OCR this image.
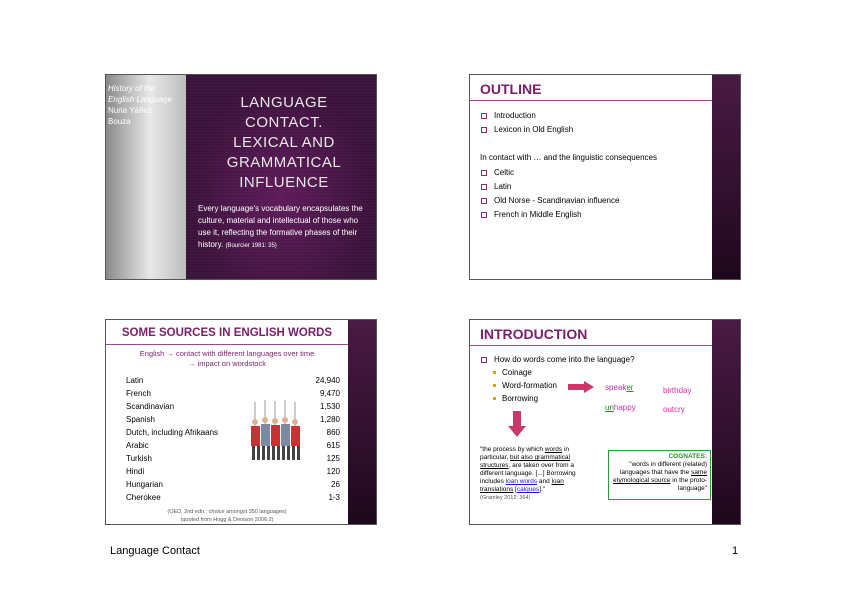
History of the
English Language
Nuria Yáñez
Bouza
LANGUAGE
CONTACT.
LEXICAL AND
GRAMMATICAL
INFLUENCE
Every language's vocabulary encapsulates the culture, material and intellectual of those who use it, reflecting the formative phases of their history. (Bourcier 1981: 35)
OUTLINE
Introduction
Lexicon in Old English
In contact with … and the linguistic consequences
Celtic
Latin
Old Norse - Scandinavian influence
French in Middle English
SOME SOURCES IN ENGLISH WORDS
English → contact with different languages over time
→ impact on wordstock
Latin	24,940
French	9,470
Scandinavian	1,530
Spanish	1,280
Dutch, including Afrikaans	860
Arabic	615
Turkish	125
Hindi	120
Hungarian	26
Cherokee	1-3
(OED, 2nd edn.; choice amongst 350 languages)
(quoted from Hogg & Denison 2006:2)
INTRODUCTION
How do words come into the language?
Coinage
Word-formation
Borrowing
speaker	birthday
unhappy	outcry
"the process by which words in particular, but also grammatical structures, are taken over from a different language. [...] Borrowing includes loan words and loan translations [calques]."
(Gramley 2012: 364)
COGNATES:
"words in different (related) languages that have the same etymological source in the proto-language"
Language Contact	1
